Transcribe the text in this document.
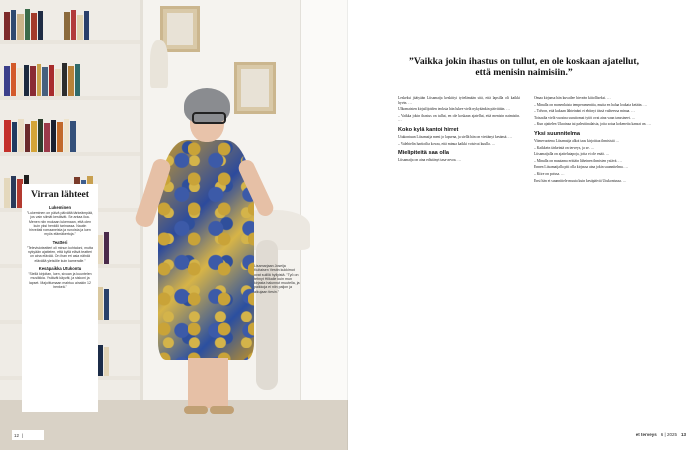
Lisamarjaan Joseija Kultaisen Vestin kukkimot ovat sulillä hyllyistä. ”Työ on tehnyt Hilkalle kuin mun kirjasta halunnut muutella, ja paikkoja ei niin paljon ja alkujaan tiesin.”
Virran lähteet
Lukeminen
”Lukeminen on päivä päivältä tärkeämpää, jos vain silmät kestävät. Se antaa iloa. Menen niin mukaan lukemaan, että olen kuin yksi henkilö tarinassa. Nautin hirveästi romaaneista ja runoista ja luen myös elämäkertoja.”
Teatteri
”Televisioteatteri oli minun kohtaloni, mutta nykyään ajattelen, että kyllä elävä teatteri on aina elävää. On ihan eri asia nähdä elävällä yleisölle kuin kameralle.”
Kesäpaikka Utukontu
”Siellä kirjoitan, luen, sivuan ja kuuntelen musiikkia. Ystävät käyvät, ja siskoni ja lapset. Majoittumaan mahtuu ainakin 12 henkeä.”
12 |

”Vaikka jokin ihastus on tullut, en ole koskaan ajatellut, että menisin naimisiin.”

Leskeksi jäätyään Liisamaija keskittyi työelämään sitä, että lapsilla oli kaikki hyvin. …

Ulkomaisten kirjailijoiden teoksia hän lukee vielä nykyäänkin päivittäin. …

– Vaikka jokin ihastus on tullut, en ole koskaan ajatellut, että menisin naimisiin. …

Koko kylä kantoi hirret

Utukontuun Liisamaija meni jo lapsena, ja siellä hän on viettänyt kesänsä. …

– Valehtelin hartioilta kovaa, että minua kaikki voisivat kuulla. …

Mielipiteitä saa olla

Liisamaija on aina edistänyt tasa-arvoa. …

Omaa kirjansa hän kuvailee hirveän kiitolliseksi. …

– Minulla on monenlaista temperamenttia, mutta en halua loukata ketään. …

– Tolvon, että kukaan lähteinäni ei ehtinyt tässä vaiheessa minua. …

Toisaalta vielä vuosina suruttomat tytöt ovat aina vaan tanssineet. …

– Kun ajattelen Ukrainaa tai palestiinalaisia, joita sotaa kokeneita kansat on. …

Yksi suunnitelma

Viimevuotena Liisamaija alkoi taas kirjoittaa ihmisistä …

– Kaikkein tärkeintä on terveys, ja se. …

Liisamaijalla on ajattelutapoja, joita ei ole enää. …

– Minulla on muutama erittäin läheinen ihmisten ystävä. …

Ennen Liisamaijalla piti olla kirjassa aina jokin suunnitelma. …

– Kiire on poissa. …

Ensi hän ei suunnittele muuta kuin kesäpäiviä Utukontussa. …

et terveys 6 | 2025 13
